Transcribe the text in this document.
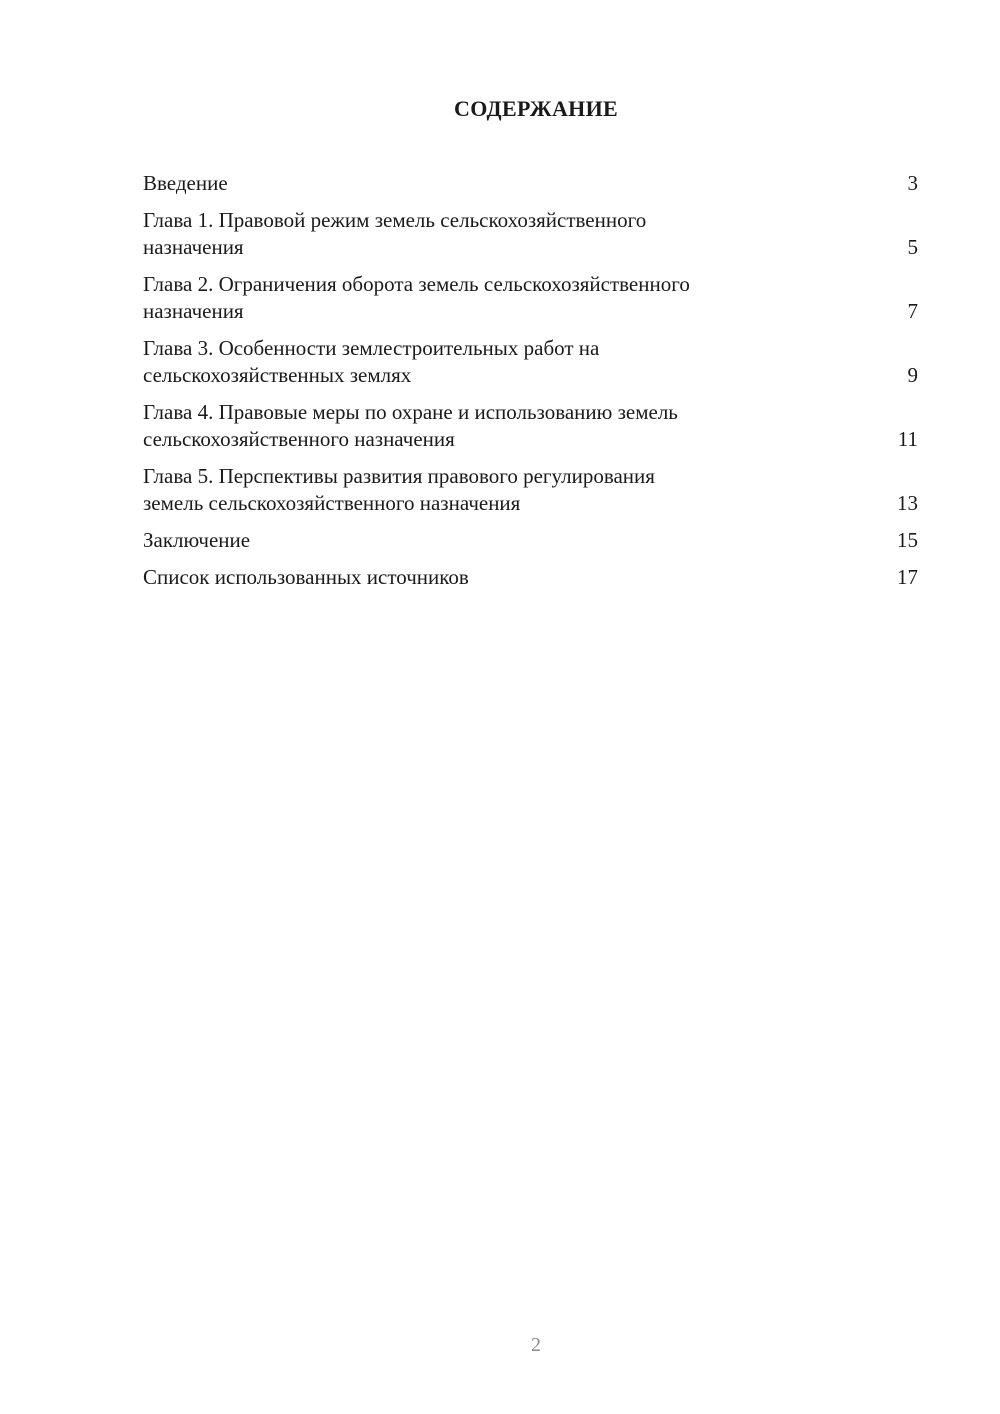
СОДЕРЖАНИЕ
Введение	3
Глава 1. Правовой режим земель сельскохозяйственного
назначения	5
Глава 2. Ограничения оборота земель сельскохозяйственного
назначения	7
Глава 3. Особенности землестроительных работ на
сельскохозяйственных землях	9
Глава 4. Правовые меры по охране и использованию земель
сельскохозяйственного назначения	11
Глава 5. Перспективы развития правового регулирования
земель сельскохозяйственного назначения	13
Заключение	15
Список использованных источников	17
2
